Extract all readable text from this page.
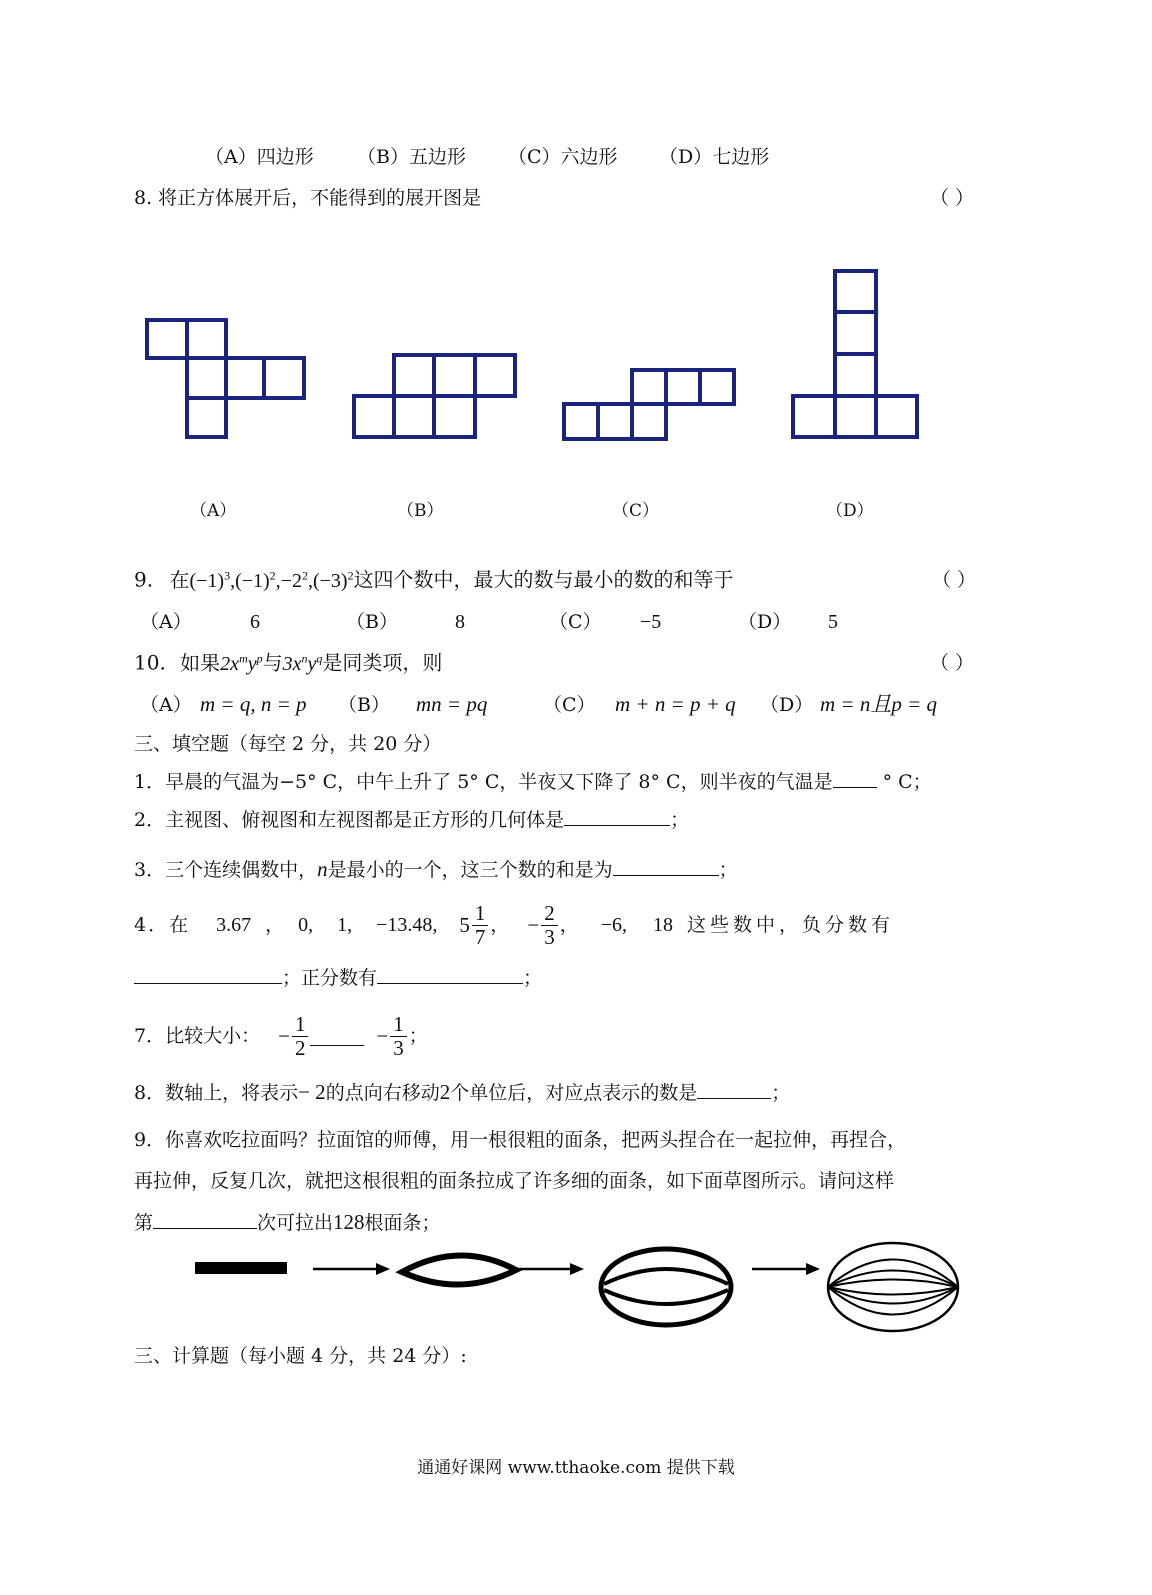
（A）四边形 （B）五边形 （C）六边形 （D）七边形
8. 将正方体展开后，不能得到的展开图是	（ ）
（A）	（B）	（C）	（D）
9. 在$(-1)^3,(-1)^2,-2^2,(-3)^2$这四个数中，最大的数与最小的数的和等于	（ ）
（A）	6	（B）	8	（C） −5	（D） 5
10. 如果$2x^my^p$与$3x^ny^q$是同类项，则	（ ）
（A） m = q, n = p （B） mn = pq	（C） m + n = p + q （D） m = n且p = q
三、填空题（每空 2 分，共 20 分）
1．早晨的气温为−5° C，中午上升了 5° C，半夜又下降了 8° C，则半夜的气温是	° C；
2．主视图、俯视图和左视图都是正方形的几何体是	；
3．三个连续偶数中，n是最小的一个，这三个数的和是为	；
4．在 3.67 ， 0, 1, −13.48, $5 \frac{1}{7}$ ， − $\frac{2}{3}$ ， −6, 18 这些数中，负分数有
；正分数有	；
7．比较大小： − $\frac{1}{2}$	− $\frac{1}{3}$ ；
8．数轴上，将表示− 2的点向右移动2个单位后，对应点表示的数是	；
9．你喜欢吃拉面吗？拉面馆的师傅，用一根很粗的面条，把两头捏合在一起拉伸，再捏合，
再拉伸，反复几次，就把这根很粗的面条拉成了许多细的面条，如下面草图所示。请问这样
第	次可拉出128根面条；
三、计算题（每小题 4 分，共 24 分）:
通通好课网 www.tthaoke.com 提供下载
